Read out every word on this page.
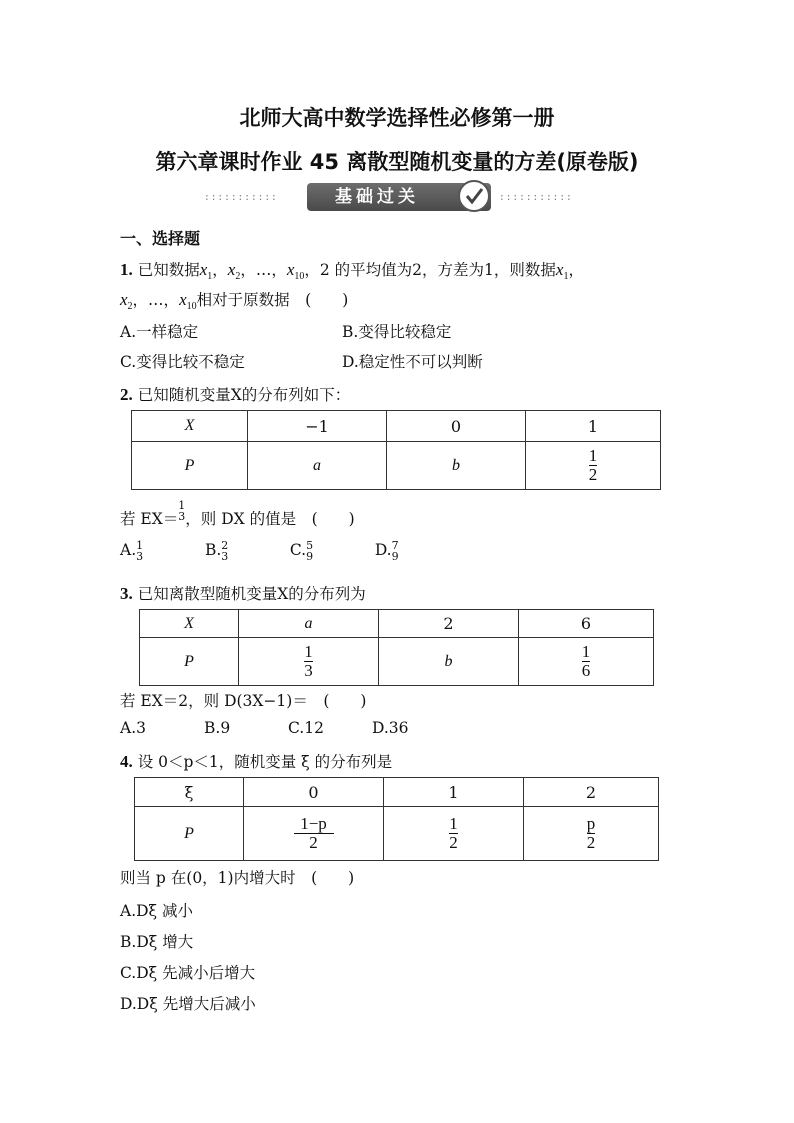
北师大高中数学选择性必修第一册
第六章课时作业 45 离散型随机变量的方差(原卷版)
:::::::::::	基础过关	:::::::::::
一、选择题
1. 已知数据$x_1$，$x_2$，…，$x_{10}$，2 的平均值为2，方差为1，则数据$x_1$，
$x_2$，…，$x_{10}$相对于原数据　 (　　)
A.一样稳定	B.变得比较稳定
C.变得比较不稳定	D.稳定性不可以判断
2. 已知随机变量X的分布列如下：
X	−1	0	1
P	a	b	$\frac{1}{2}$
若 EX＝
1
3 ，则 DX 的值是　 (　　)
A. 1
3	B. 2
3	C. 5
9	D. 7
9
3. 已知离散型随机变量X的分布列为
X	a	2	6
P	$\frac{1}{3}$	b	$\frac{1}{6}$
若 EX＝2，则 D(3X−1)＝　 (　　)
A.3	B.9	C.12	D.36
4. 设 0＜p＜1，随机变量 ξ 的分布列是
ξ	0	1	2
P	$\frac{1-p}{2}$	$\frac{1}{2}$	$\frac{p}{2}$
则当 p 在(0，1)内增大时　 (　　)
A.Dξ 减小
B.Dξ 增大
C.Dξ 先减小后增大
D.Dξ 先增大后减小
